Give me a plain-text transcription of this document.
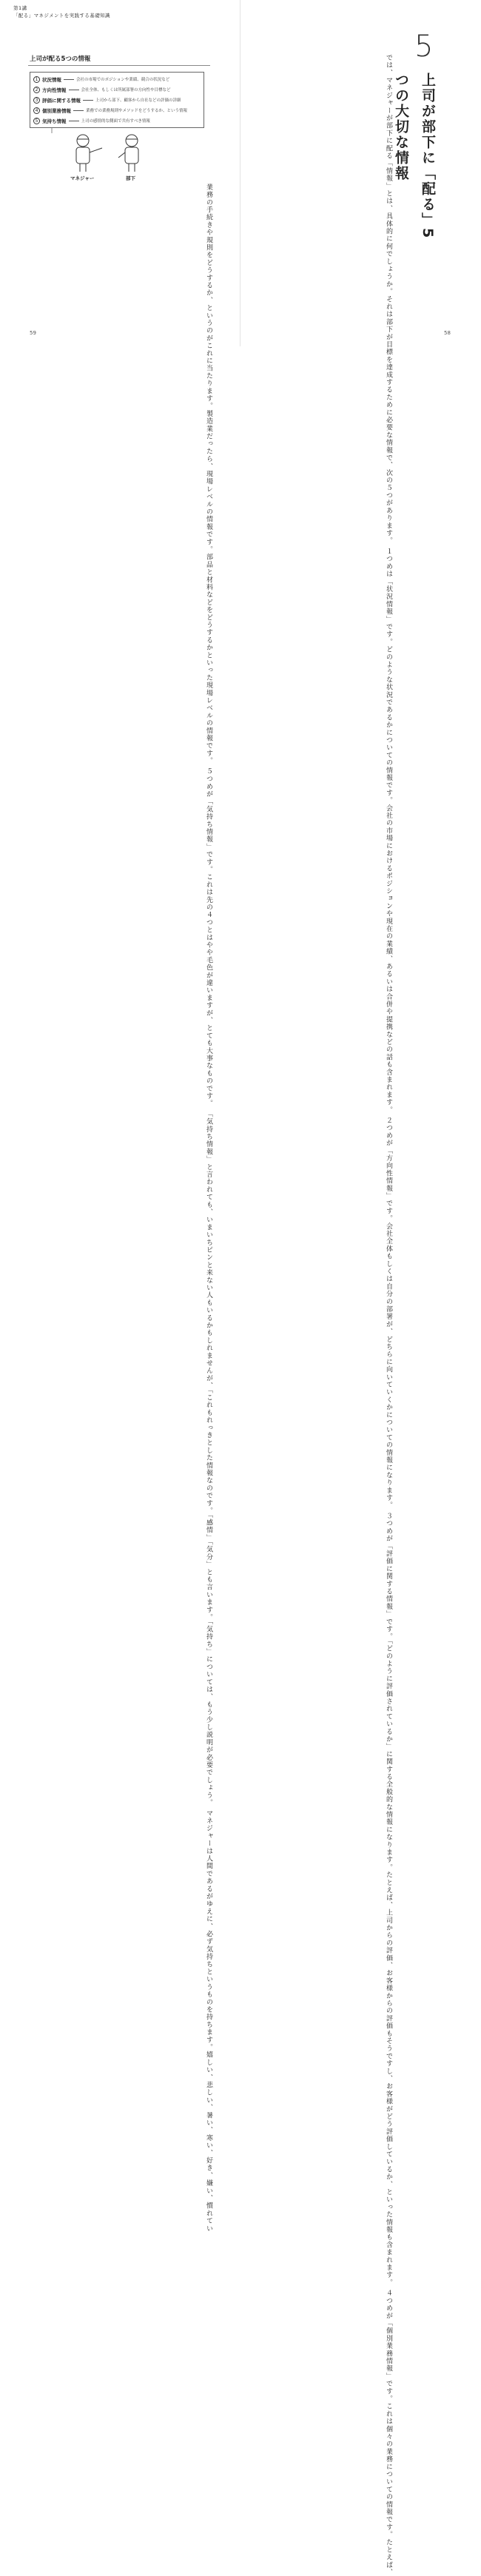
第1講
「配る」マネジメントを実践する基礎知識
上司が配る5つの情報
1 状況情報	会社の市場でのポジションや業績、競合の状況など
2 方向性情報	会社全体、もしくは所属部署の方向性や目標など
3 評価に関する情報	上司から部下、顧客から自社などの評価の詳細
4 個別業務情報	業務での業務規則やメソッドをどうするか、という情報
5 気持ち情報	上司の感情的な側面で共有すべき情報
マネジャー	部下
業務の手続きや規則をどうするか、というのがこれに当たります。製造業だったら、現場レベルの情報です。部品と材料などをどうするかといった現場レベルの情報です。 ５つめが「気持ち情報」です。これは先の４つとはやや毛色が違いますが、とても大事なものです。 「気持ち情報」と言われても、いまいちピンと来ない人もいるかもしれませんが、「これもれっきとした情報なのです。「感情」「気分」とも言います。「気持ち」については、もう少し説明が必要でしょう。 マネジャーは人間であるがゆえに、必ず気持ちというものを持ちます。嬉しい、悲しい、暑い、寒い、好き、嫌い、慣れてい
59	では、マネジャーが部下に配る「情報」とは、具体的に何でしょうか。それは部下が目標を達成するために必要な情報で、次の５つがあります。 １つめは「状況情報」です。どのような状況であるかについての情報です。会社の市場におけるポジションや現在の業績、あるいは合併や提携などの話も含まれます。 ２つめが「方向性情報」です。会社全体もしくは自分の部署が、どちらに向いていくかについての情報になります。 ３つめが「評価に関する情報」です。「どのように評価されているか」に関する全般的な情報になります。たとえば、上司からの評価、お客様からの評価もそうですし、お客様がどう評価しているか、といった情報も含まれます。 ４つめが「個別業務情報」です。これは個々の業務についての情報です。たとえば、
5
上司が部下に「配る」5つの大切な情報
58
